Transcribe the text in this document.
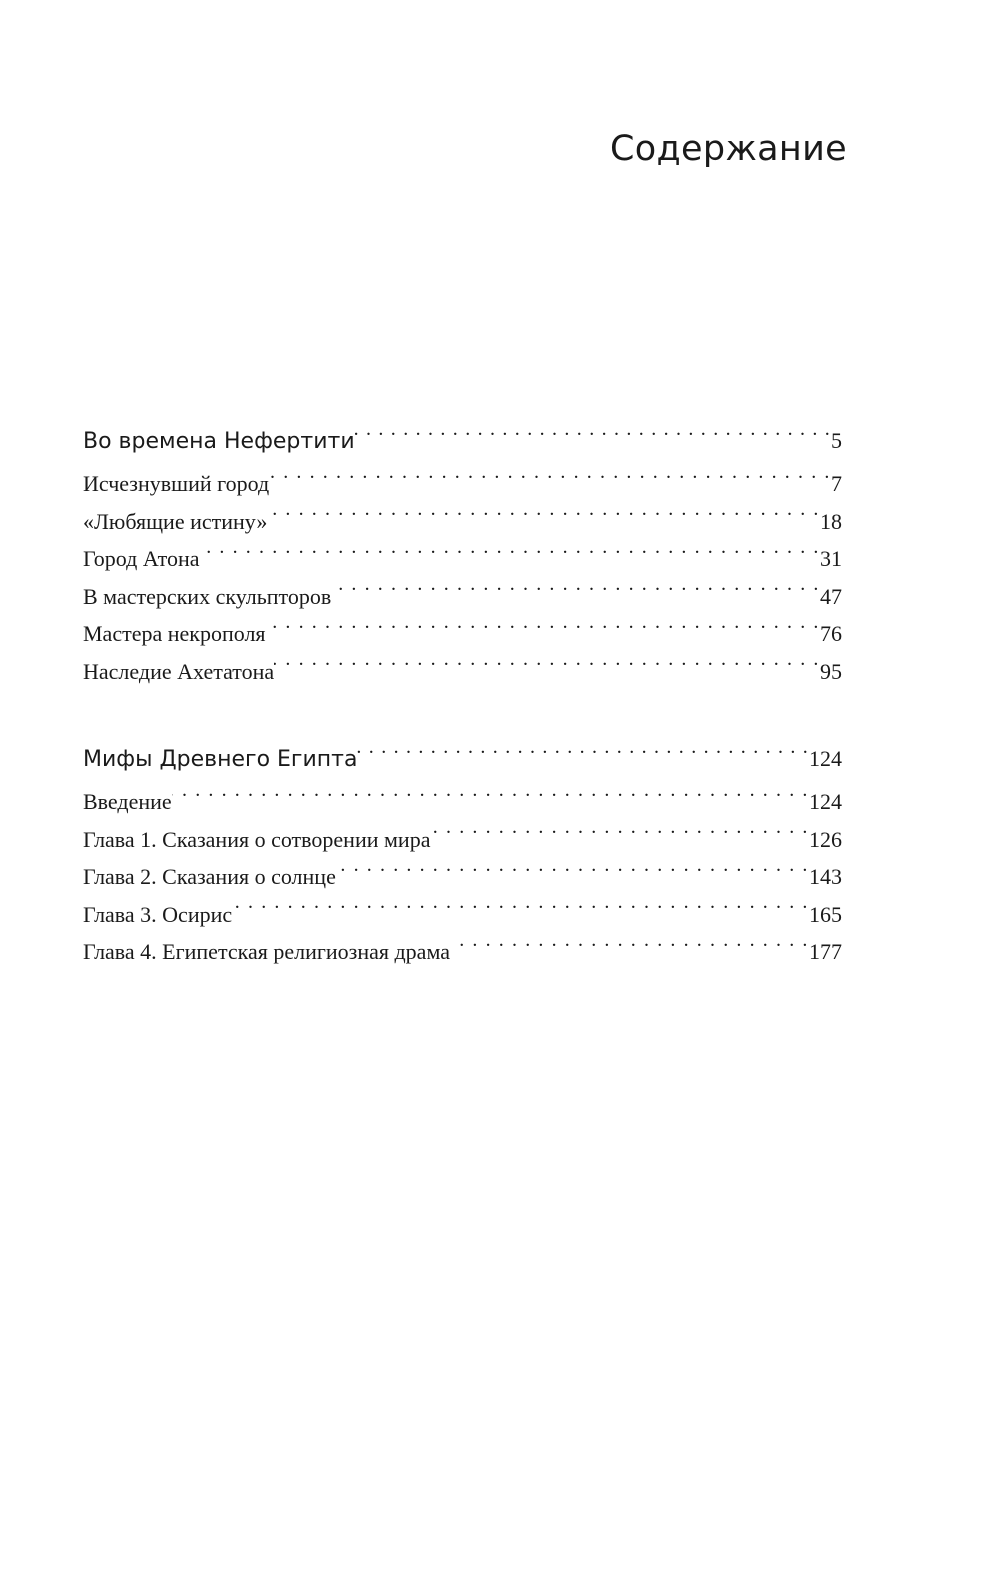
Содержание
Во времена Нефертити . . .	5
Исчезнувший город . . .	7
«Любящие истину» . . .	18
Город Атона . . .	31
В мастерских скульпторов . . .	47
Мастера некрополя . . .	76
Наследие Ахетатона . . .	95
Мифы Древнего Египта . . .	124
Введение . . .	124
Глава 1. Сказания о сотворении мира . . .	126
Глава 2. Сказания о солнце . . .	143
Глава 3. Осирис . . .	165
Глава 4. Египетская религиозная драма . . .	177
